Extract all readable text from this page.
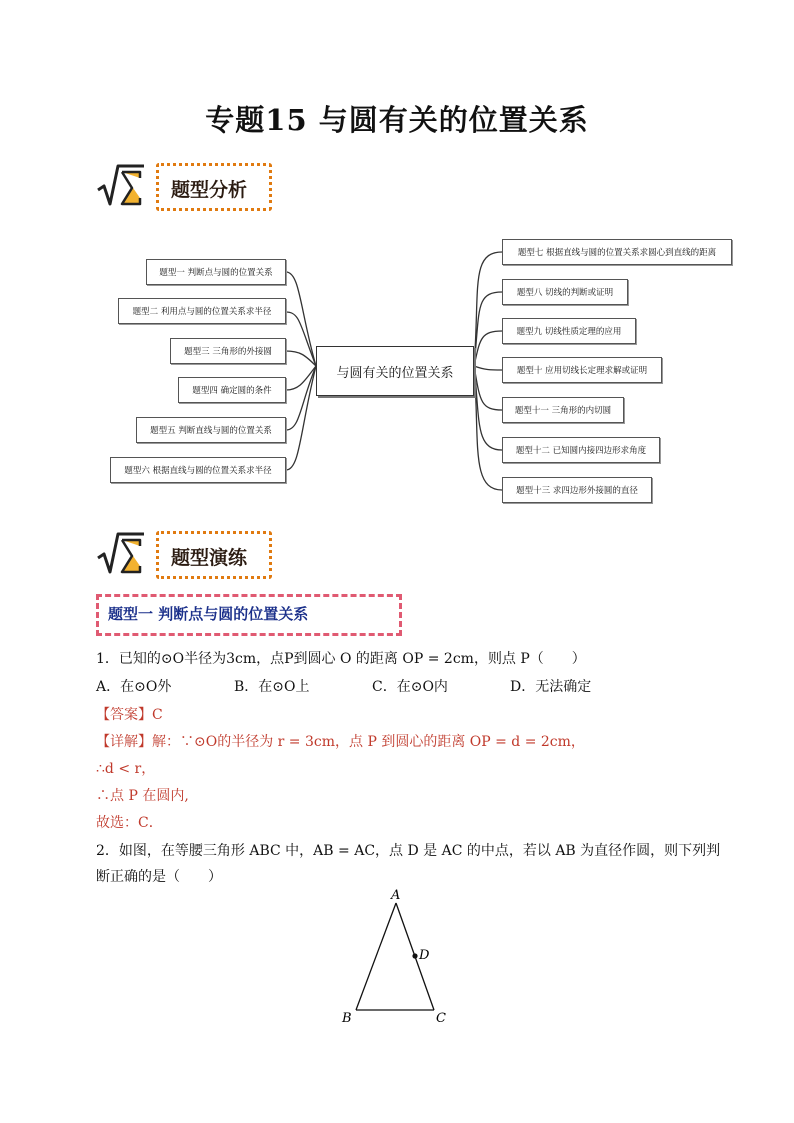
专题15 与圆有关的位置关系
题型分析
与圆有关的位置关系
题型一 判断点与圆的位置关系
题型二 利用点与圆的位置关系求半径
题型三 三角形的外接圆
题型四 确定圆的条件
题型五 判断直线与圆的位置关系
题型六 根据直线与圆的位置关系求半径
题型七 根据直线与圆的位置关系求圆心到直线的距离
题型八 切线的判断或证明
题型九 切线性质定理的应用
题型十 应用切线长定理求解或证明
题型十一 三角形的内切圆
题型十二 已知圆内接四边形求角度
题型十三 求四边形外接圆的直径
题型演练
题型一 判断点与圆的位置关系
1．已知的⊙O半径为3cm，点P到圆心 O 的距离 OP = 2cm，则点 P（　　）
A．在⊙O外	B．在⊙O上	C．在⊙O内	D．无法确定
【答案】C
【详解】解：∵⊙O的半径为 r = 3cm，点 P 到圆心的距离 OP = d = 2cm，
∴d < r，
∴点 P 在圆内,
故选：C．
2．如图，在等腰三角形 ABC 中，AB = AC，点 D 是 AC 的中点，若以 AB 为直径作圆，则下列判
断正确的是（　　）
A
B	C
D
